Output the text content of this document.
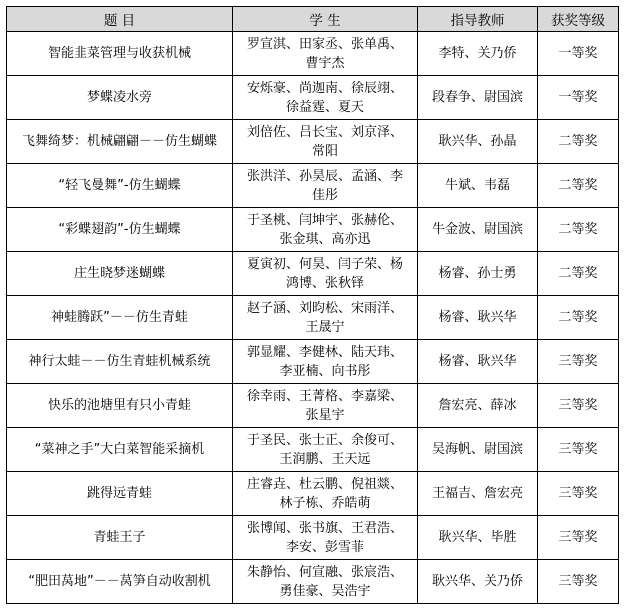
题 目	学 生	指导教师	获奖等级
智能韭菜管理与收获机械	罗宣淇、田家丞、张单禹、
曹宇杰	李特、关乃侨	一等奖
梦蝶凌水旁	安烁豪、尚迦南、徐辰翊、
徐益霆、夏天	段春争、尉国滨	一等奖
飞舞绮梦：机械翩翩－－仿生蝴蝶	刘倍佐、吕长宝、刘京泽、
常阳	耿兴华、孙晶	二等奖
“轻飞曼舞”-仿生蝴蝶	张洪洋、孙昊辰、孟涵、李
佳彤	牛斌、韦磊	二等奖
“彩蝶翅韵”-仿生蝴蝶	于圣桃、闫坤宇、张赫伦、
张金琪、高亦迅	牛金波、尉国滨	二等奖
庄生晓梦迷蝴蝶	夏寅初、何昊、闫子荣、杨
鸿博、张秋铎	杨睿、孙士勇	二等奖
神蛙腾跃”－－仿生青蛙	赵子涵、刘昀松、宋雨洋、
王晟宁	杨睿、耿兴华	二等奖
神行太蛙－－仿生青蛙机械系统	郭显耀、李健林、陆天玮、
李亚楠、向书彤	杨睿、耿兴华	三等奖
快乐的池塘里有只小青蛙	徐幸雨、王菁格、李嘉梁、
张星宇	詹宏亮、薛冰	三等奖
“菜神之手”大白菜智能采摘机	于圣民、张士正、余俊可、
王润鹏、王天远	吴海帆、尉国滨	三等奖
跳得远青蛙	庄睿垚、杜云鹏、倪祖燚、
林子栋、乔皓萌	王福吉、詹宏亮	三等奖
青蛙王子	张博闻、张书旗、王君浩、
李安、彭雪菲	耿兴华、毕胜	三等奖
“肥田莴地”－－莴笋自动收割机	朱静怡、何宣融、张宸浩、
勇佳豪、吴浩宇	耿兴华、关乃侨	三等奖
